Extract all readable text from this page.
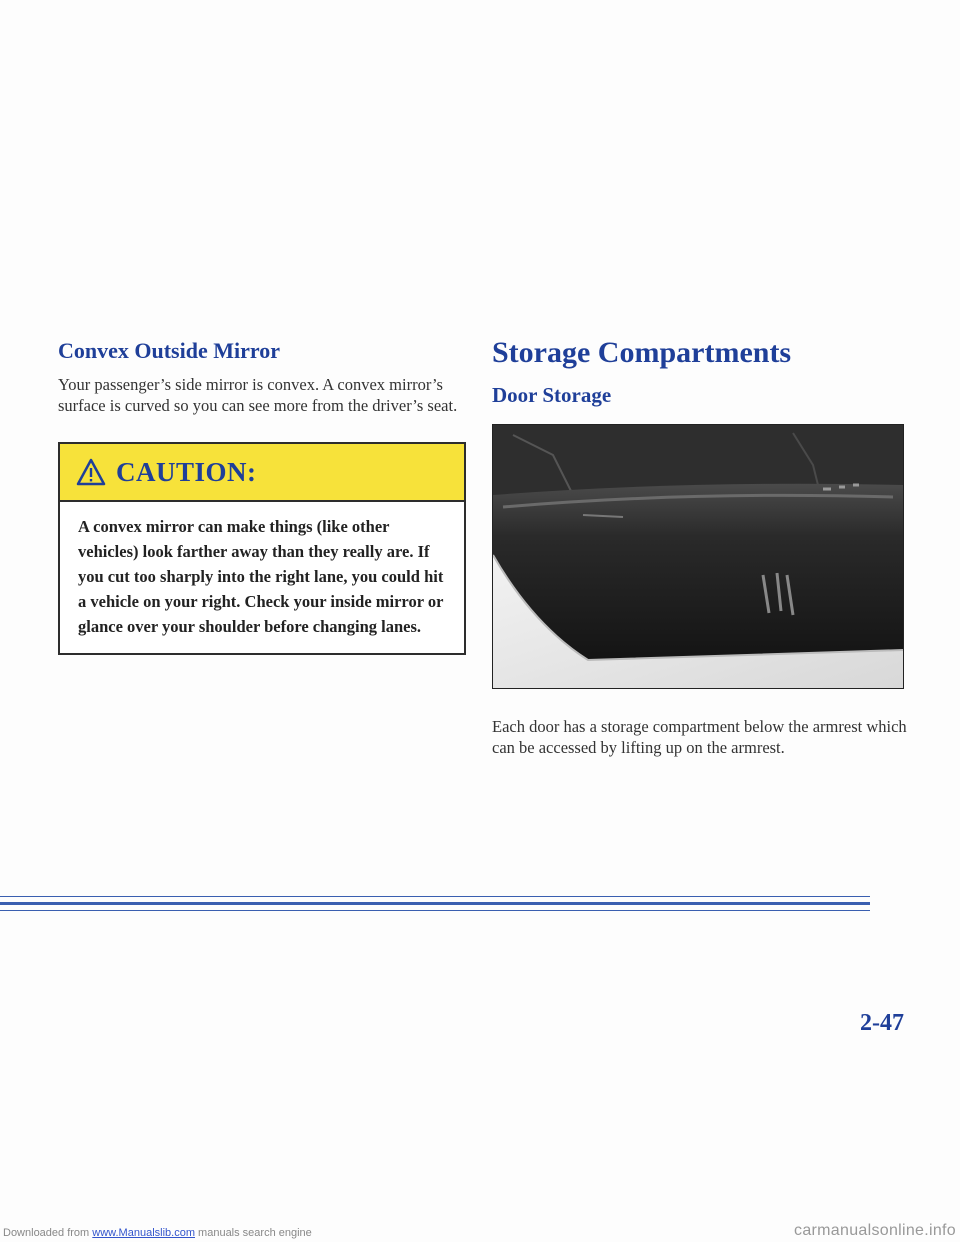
Convex Outside Mirror

Your passenger’s side mirror is convex. A convex mirror’s surface is curved so you can see more from the driver’s seat.

CAUTION:
A convex mirror can make things (like other vehicles) look farther away than they really are. If you cut too sharply into the right lane, you could hit a vehicle on your right. Check your inside mirror or glance over your shoulder before changing lanes.
Storage Compartments
Door Storage

Each door has a storage compartment below the armrest which can be accessed by lifting up on the armrest.

2-47
Downloaded from www.Manualslib.com manuals search engine	carmanualsonline.info
